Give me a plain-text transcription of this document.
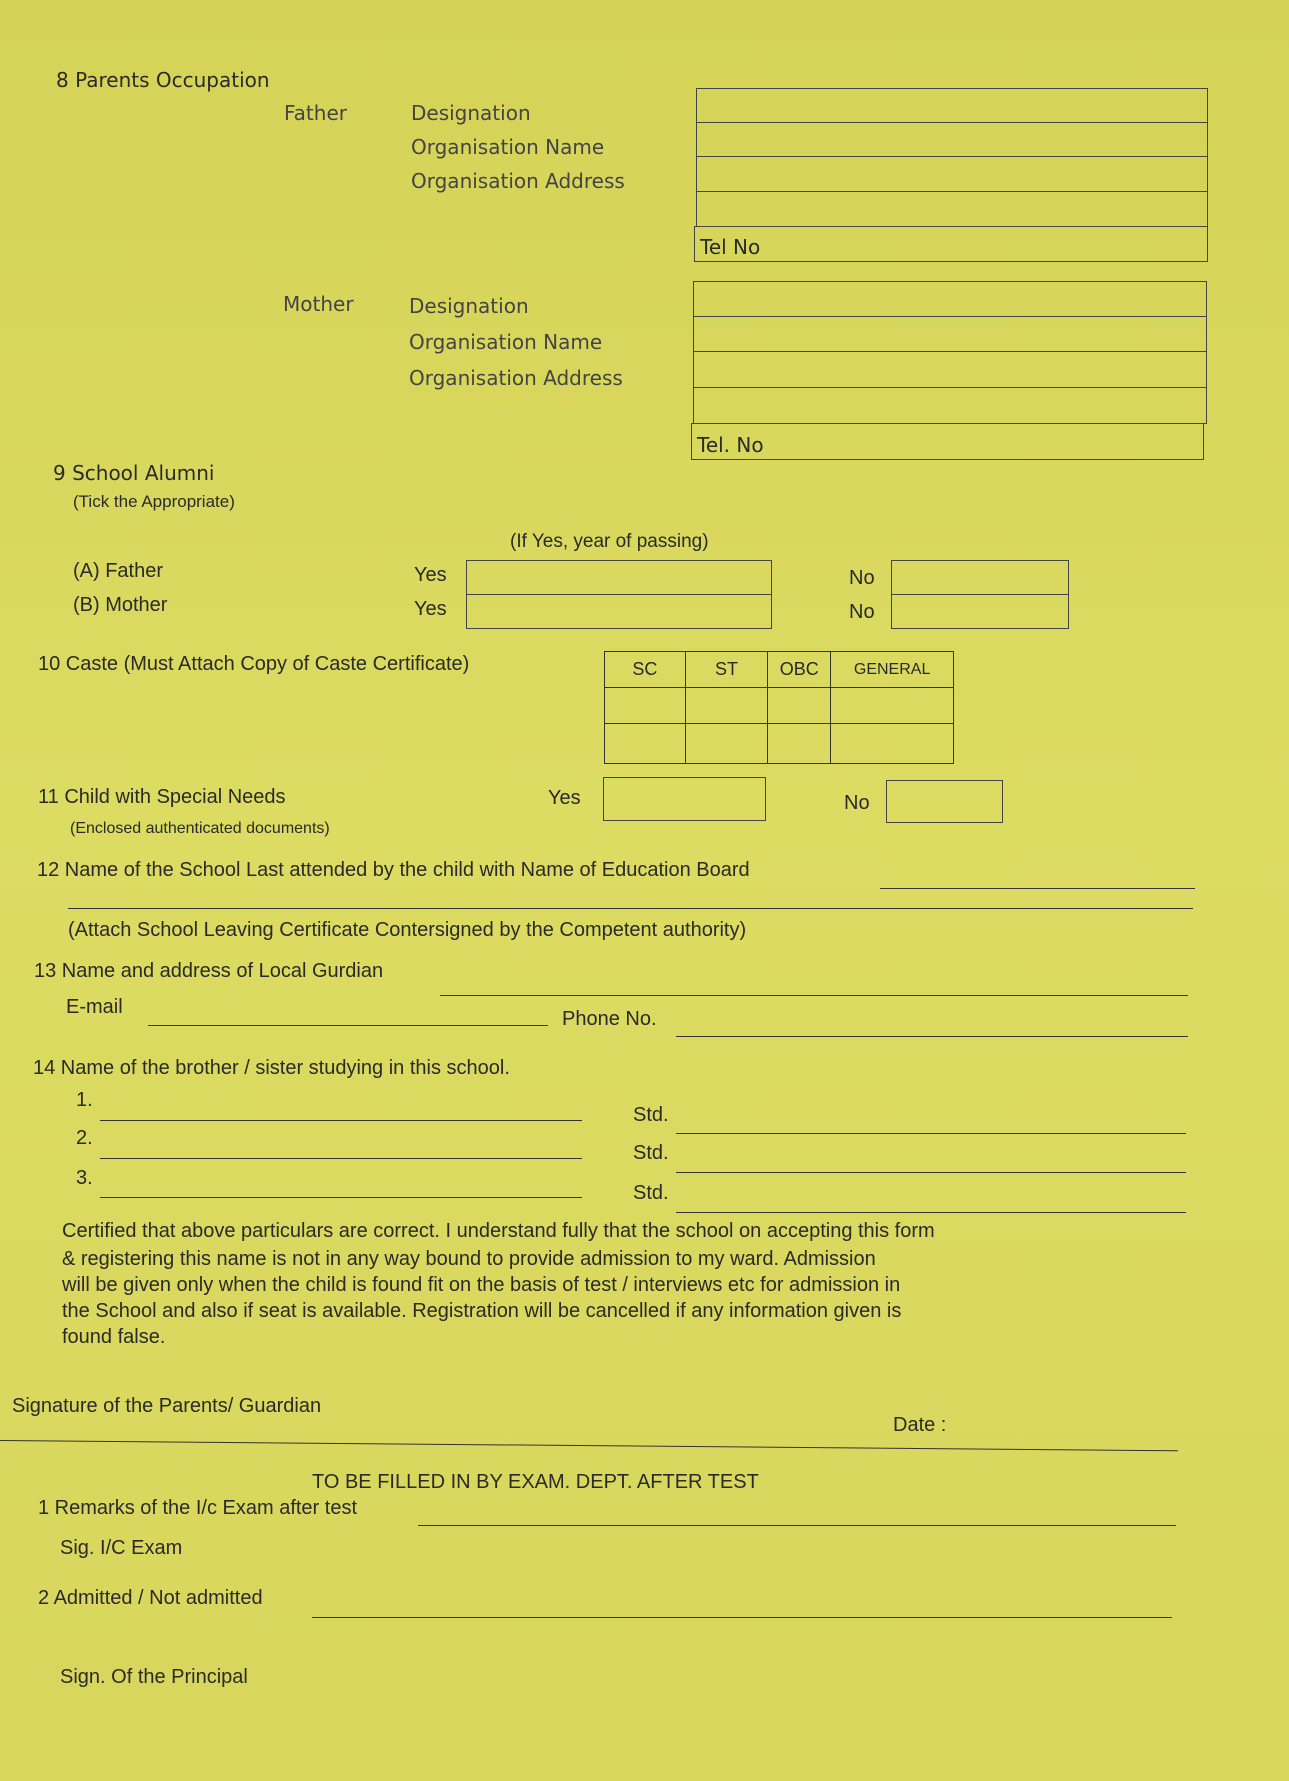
8 Parents Occupation
Father	Designation
Organisation Name
Organisation Address
Tel No
Mother	Designation
Organisation Name
Organisation Address
Tel. No
9 School Alumni
(Tick the Appropriate)
(If Yes, year of passing)
(A) Father	Yes	No
(B) Mother	Yes	No
10 Caste (Must Attach Copy of Caste Certificate)	SC	ST	OBC	GENERAL

11 Child with Special Needs
(Enclosed authenticated documents)
Yes	No
12 Name of the School Last attended by the child with Name of Education Board
(Attach School Leaving Certificate Contersigned by the Competent authority)
13 Name and address of Local Gurdian
E-mail
Phone No.
14 Name of the brother / sister studying in this school.
1.
Std.
2.
Std.
3.
Std.
Certified that above particulars are correct. I understand fully that the school on accepting this form
& registering this name is not in any way bound to provide admission to my ward. Admission
will be given only when the child is found fit on the basis of test / interviews etc for admission in
the School and also if seat is available. Registration will be cancelled if any information given is
found false.
Signature of the Parents/ Guardian
Date :
TO BE FILLED IN BY EXAM. DEPT. AFTER TEST
1 Remarks of the I/c Exam after test
Sig. I/C Exam
2 Admitted / Not admitted
Sign. Of the Principal
